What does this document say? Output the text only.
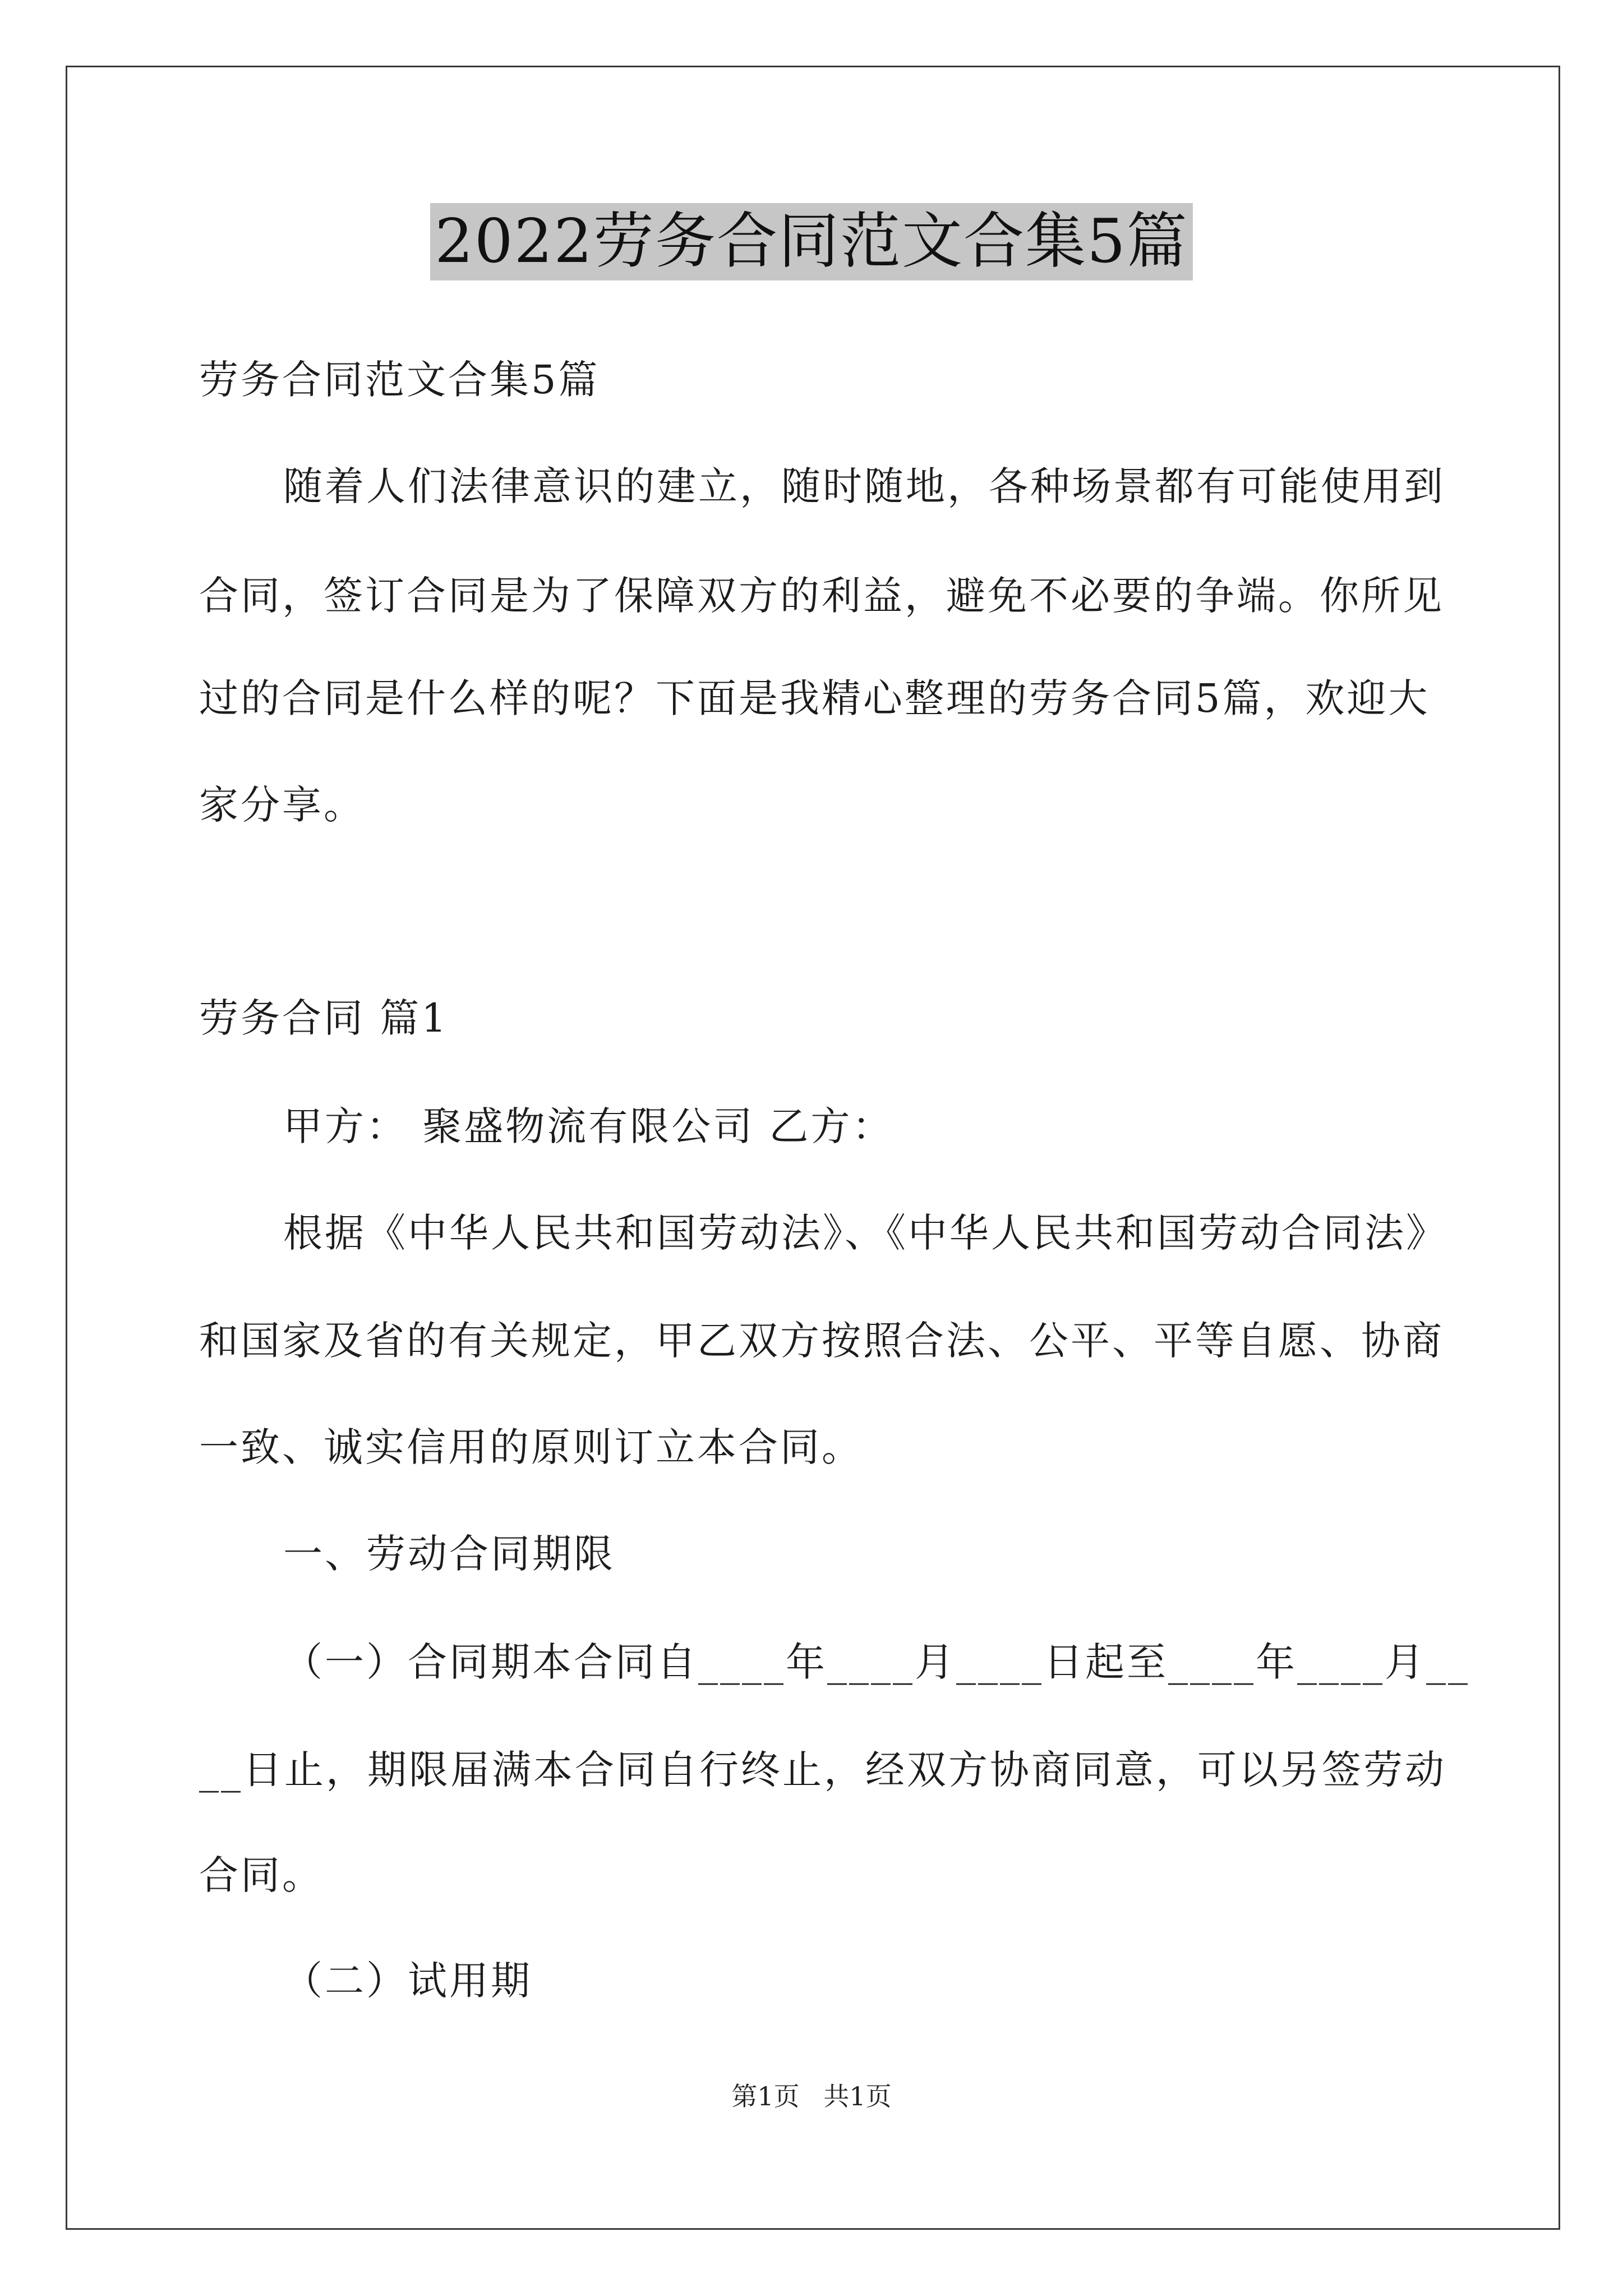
2022劳务合同范文合集5篇
劳务合同范文合集5篇
随着人们法律意识的建立，随时随地，各种场景都有可能使用到
合同，签订合同是为了保障双方的利益，避免不必要的争端。你所见
过的合同是什么样的呢？下面是我精心整理的劳务合同5篇，欢迎大
家分享。
劳务合同 篇1
甲方： 聚盛物流有限公司 乙方：
根据《中华人民共和国劳动法》、《中华人民共和国劳动合同法》
和国家及省的有关规定，甲乙双方按照合法、公平、平等自愿、协商
一致、诚实信用的原则订立本合同。
一、劳动合同期限
（一）合同期本合同自____年____月____日起至____年____月__
__日止，期限届满本合同自行终止，经双方协商同意，可以另签劳动
合同。
（二）试用期
第1页 共1页
